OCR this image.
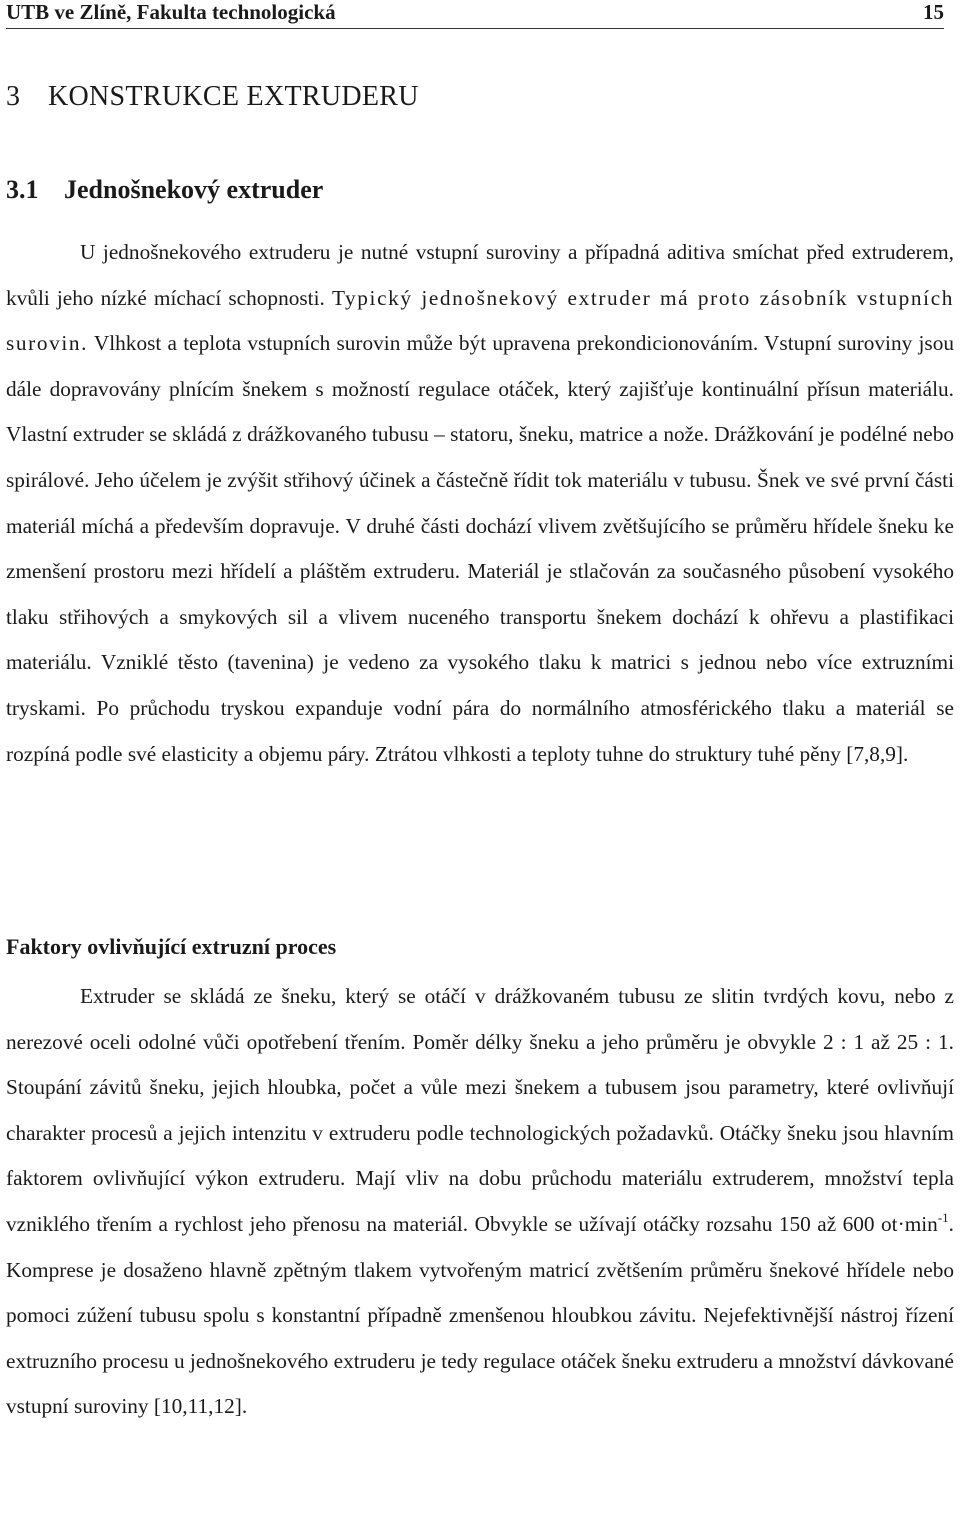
UTB ve Zlíně, Fakulta technologická	15
3 KONSTRUKCE EXTRUDERU
3.1 Jednošnekový extruder

U jednošnekového extruderu je nutné vstupní suroviny a případná aditiva smíchat před extruderem, kvůli jeho nízké míchací schopnosti. Typický jednošnekový extruder má proto zásobník vstupních surovin. Vlhkost a teplota vstupních surovin může být upravena prekondicionováním. Vstupní suroviny jsou dále dopravovány plnícím šnekem s možností regulace otáček, který zajišťuje kontinuální přísun materiálu. Vlastní extruder se skládá z drážkovaného tubusu – statoru, šneku, matrice a nože. Drážkování je podélné nebo spirálové. Jeho účelem je zvýšit střihový účinek a částečně řídit tok materiálu v tubusu. Šnek ve své první části materiál míchá a především dopravuje. V druhé části dochází vlivem zvětšujícího se průměru hřídele šneku ke zmenšení prostoru mezi hřídelí a pláštěm extruderu. Materiál je stlačován za současného působení vysokého tlaku střihových a smykových sil a vlivem nuceného transportu šnekem dochází k ohřevu a plastifikaci materiálu. Vzniklé těsto (tavenina) je vedeno za vysokého tlaku k matrici s jednou nebo více extruzními tryskami. Po průchodu tryskou expanduje vodní pára do normálního atmosférického tlaku a materiál se rozpíná podle své elasticity a objemu páry. Ztrátou vlhkosti a teploty tuhne do struktury tuhé pěny [7,8,9].

Faktory ovlivňující extruzní proces

Extruder se skládá ze šneku, který se otáčí v drážkovaném tubusu ze slitin tvrdých kovu, nebo z nerezové oceli odolné vůči opotřebení třením. Poměr délky šneku a jeho průměru je obvykle 2 : 1 až 25 : 1. Stoupání závitů šneku, jejich hloubka, počet a vůle mezi šnekem a tubusem jsou parametry, které ovlivňují charakter procesů a jejich intenzitu v extruderu podle technologických požadavků. Otáčky šneku jsou hlavním faktorem ovlivňující výkon extruderu. Mají vliv na dobu průchodu materiálu extruderem, množství tepla vzniklého třením a rychlost jeho přenosu na materiál. Obvykle se užívají otáčky rozsahu 150 až 600 $ot\cdot\min^{-1}$. Komprese je dosaženo hlavně zpětným tlakem vytvořeným matricí zvětšením průměru šnekové hřídele nebo pomoci zúžení tubusu spolu s konstantní případně zmenšenou hloubkou závitu. Nejefektivnější nástroj řízení extruzního procesu u jednošnekového extruderu je tedy regulace otáček šneku extruderu a množství dávkované vstupní suroviny [10,11,12].
